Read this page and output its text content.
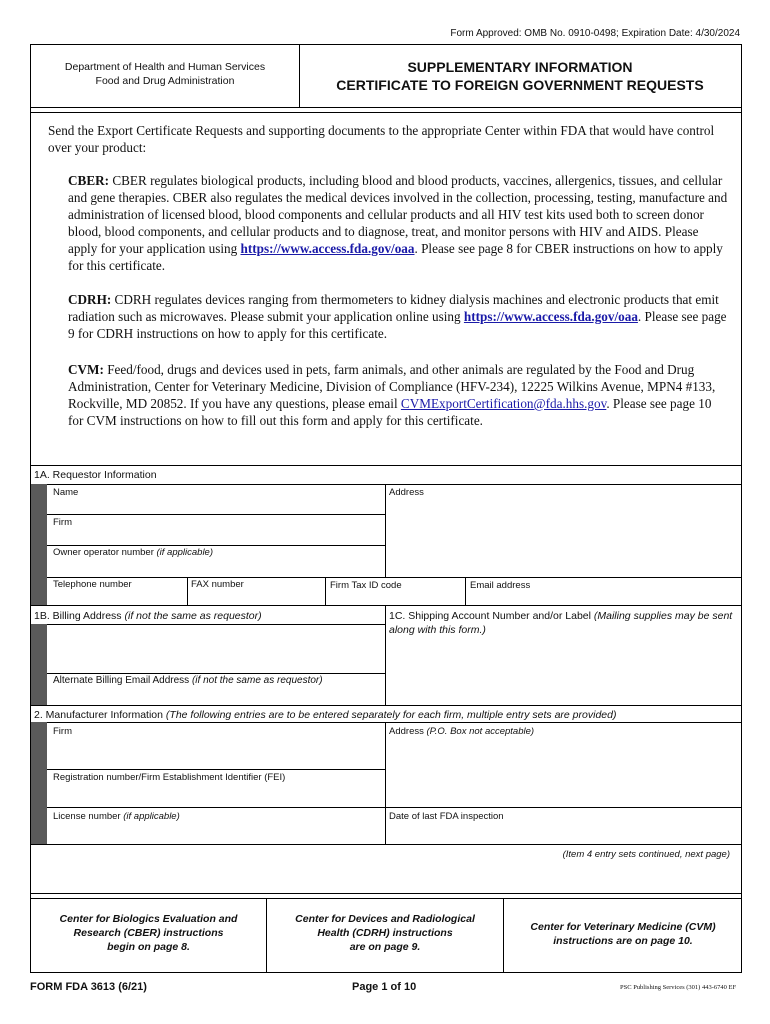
Form Approved: OMB No. 0910-0498; Expiration Date: 4/30/2024
Department of Health and Human Services
Food and Drug Administration
SUPPLEMENTARY INFORMATION
CERTIFICATE TO FOREIGN GOVERNMENT REQUESTS
Send the Export Certificate Requests and supporting documents to the appropriate Center within FDA that would have control over your product:
CBER: CBER regulates biological products, including blood and blood products, vaccines, allergenics, tissues, and cellular and gene therapies. CBER also regulates the medical devices involved in the collection, processing, testing, manufacture and administration of licensed blood, blood components and cellular products and all HIV test kits used both to screen donor blood, blood components, and cellular products and to diagnose, treat, and monitor persons with HIV and AIDS. Please apply for your application using https://www.access.fda.gov/oaa. Please see page 8 for CBER instructions on how to apply for this certificate.
CDRH: CDRH regulates devices ranging from thermometers to kidney dialysis machines and electronic products that emit radiation such as microwaves. Please submit your application online using https://www.access.fda.gov/oaa. Please see page 9 for CDRH instructions on how to apply for this certificate.
CVM: Feed/food, drugs and devices used in pets, farm animals, and other animals are regulated by the Food and Drug Administration, Center for Veterinary Medicine, Division of Compliance (HFV-234), 12225 Wilkins Avenue, MPN4 #133, Rockville, MD 20852. If you have any questions, please email CVMExportCertification@fda.hhs.gov. Please see page 10 for CVM instructions on how to fill out this form and apply for this certificate.
1A. Requestor Information
Name	Address
Firm
Owner operator number (if applicable)
Telephone number	FAX number	Firm Tax ID code	Email address
1B. Billing Address (if not the same as requestor)
Alternate Billing Email Address (if not the same as requestor)
1C. Shipping Account Number and/or Label (Mailing supplies may be sent along with this form.)
2. Manufacturer Information (The following entries are to be entered separately for each firm, multiple entry sets are provided)
Firm	Address (P.O. Box not acceptable)
Registration number/Firm Establishment Identifier (FEI)
License number (if applicable)	Date of last FDA inspection
(Item 4 entry sets continued, next page)
Center for Biologics Evaluation and
Research (CBER) instructions
begin on page 8.
Center for Devices and Radiological
Health (CDRH) instructions
are on page 9.
Center for Veterinary Medicine (CVM)
instructions are on page 10.
FORM FDA 3613 (6/21)	Page 1 of 10	PSC Publishing Services (301) 443-6740 EF
